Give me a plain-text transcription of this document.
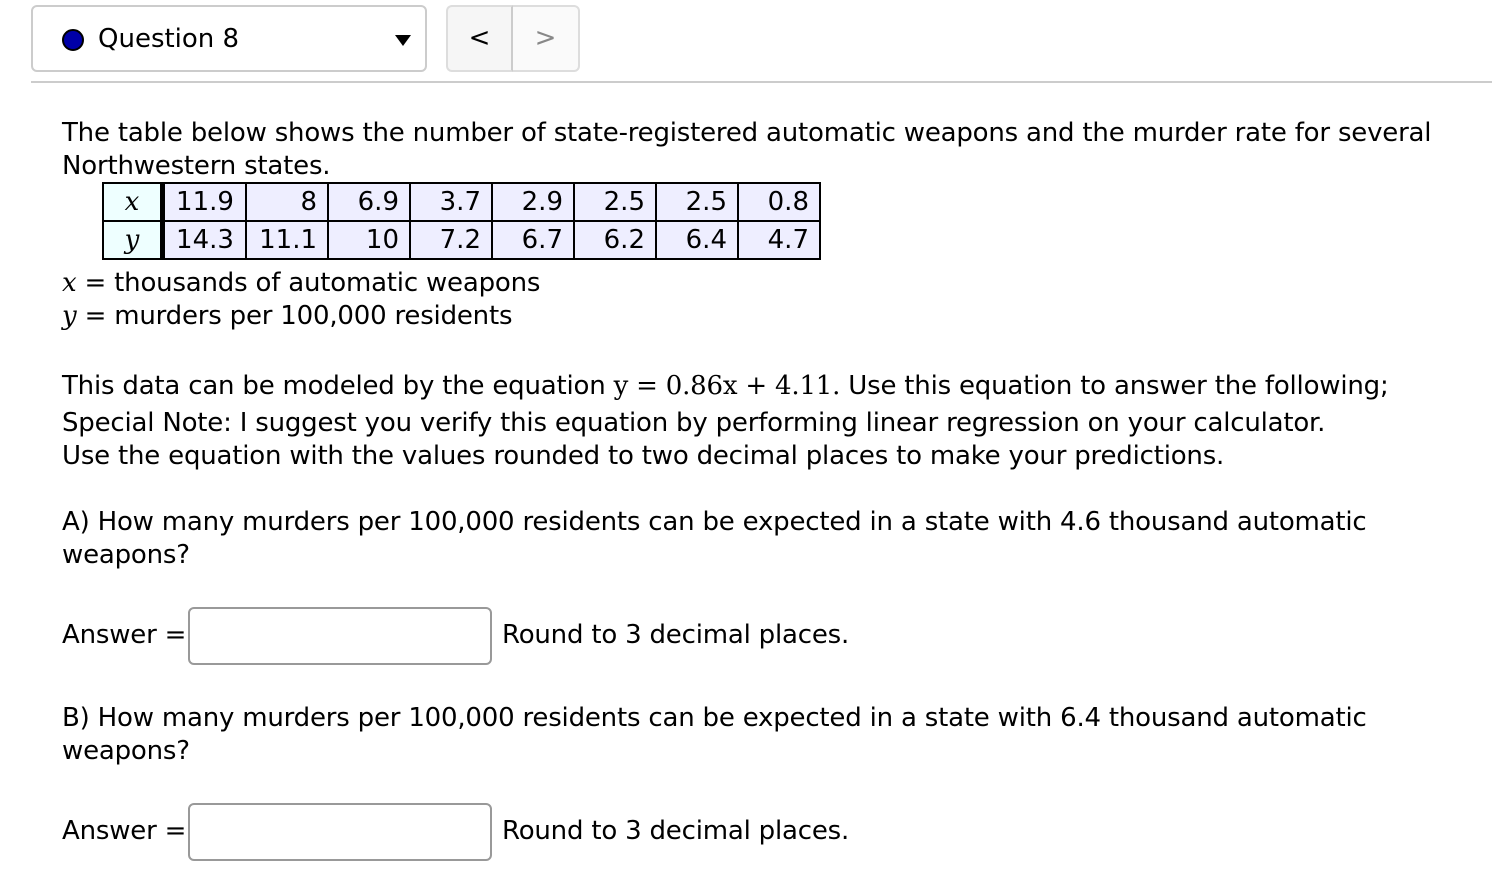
Question 8	<	>
The table below shows the number of state-registered automatic weapons and the murder rate for several Northwestern states.
x	11.9	8	6.9	3.7	2.9	2.5	2.5	0.8
y	14.3	11.1	10	7.2	6.7	6.2	6.4	4.7
x = thousands of automatic weapons
y = murders per 100,000 residents
This data can be modeled by the equation y = 0.86x + 4.11. Use this equation to answer the following;
Special Note: I suggest you verify this equation by performing linear regression on your calculator.
Use the equation with the values rounded to two decimal places to make your predictions.
A) How many murders per 100,000 residents can be expected in a state with 4.6 thousand automatic weapons?
Answer =	Round to 3 decimal places.
B) How many murders per 100,000 residents can be expected in a state with 6.4 thousand automatic weapons?
Answer =	Round to 3 decimal places.
